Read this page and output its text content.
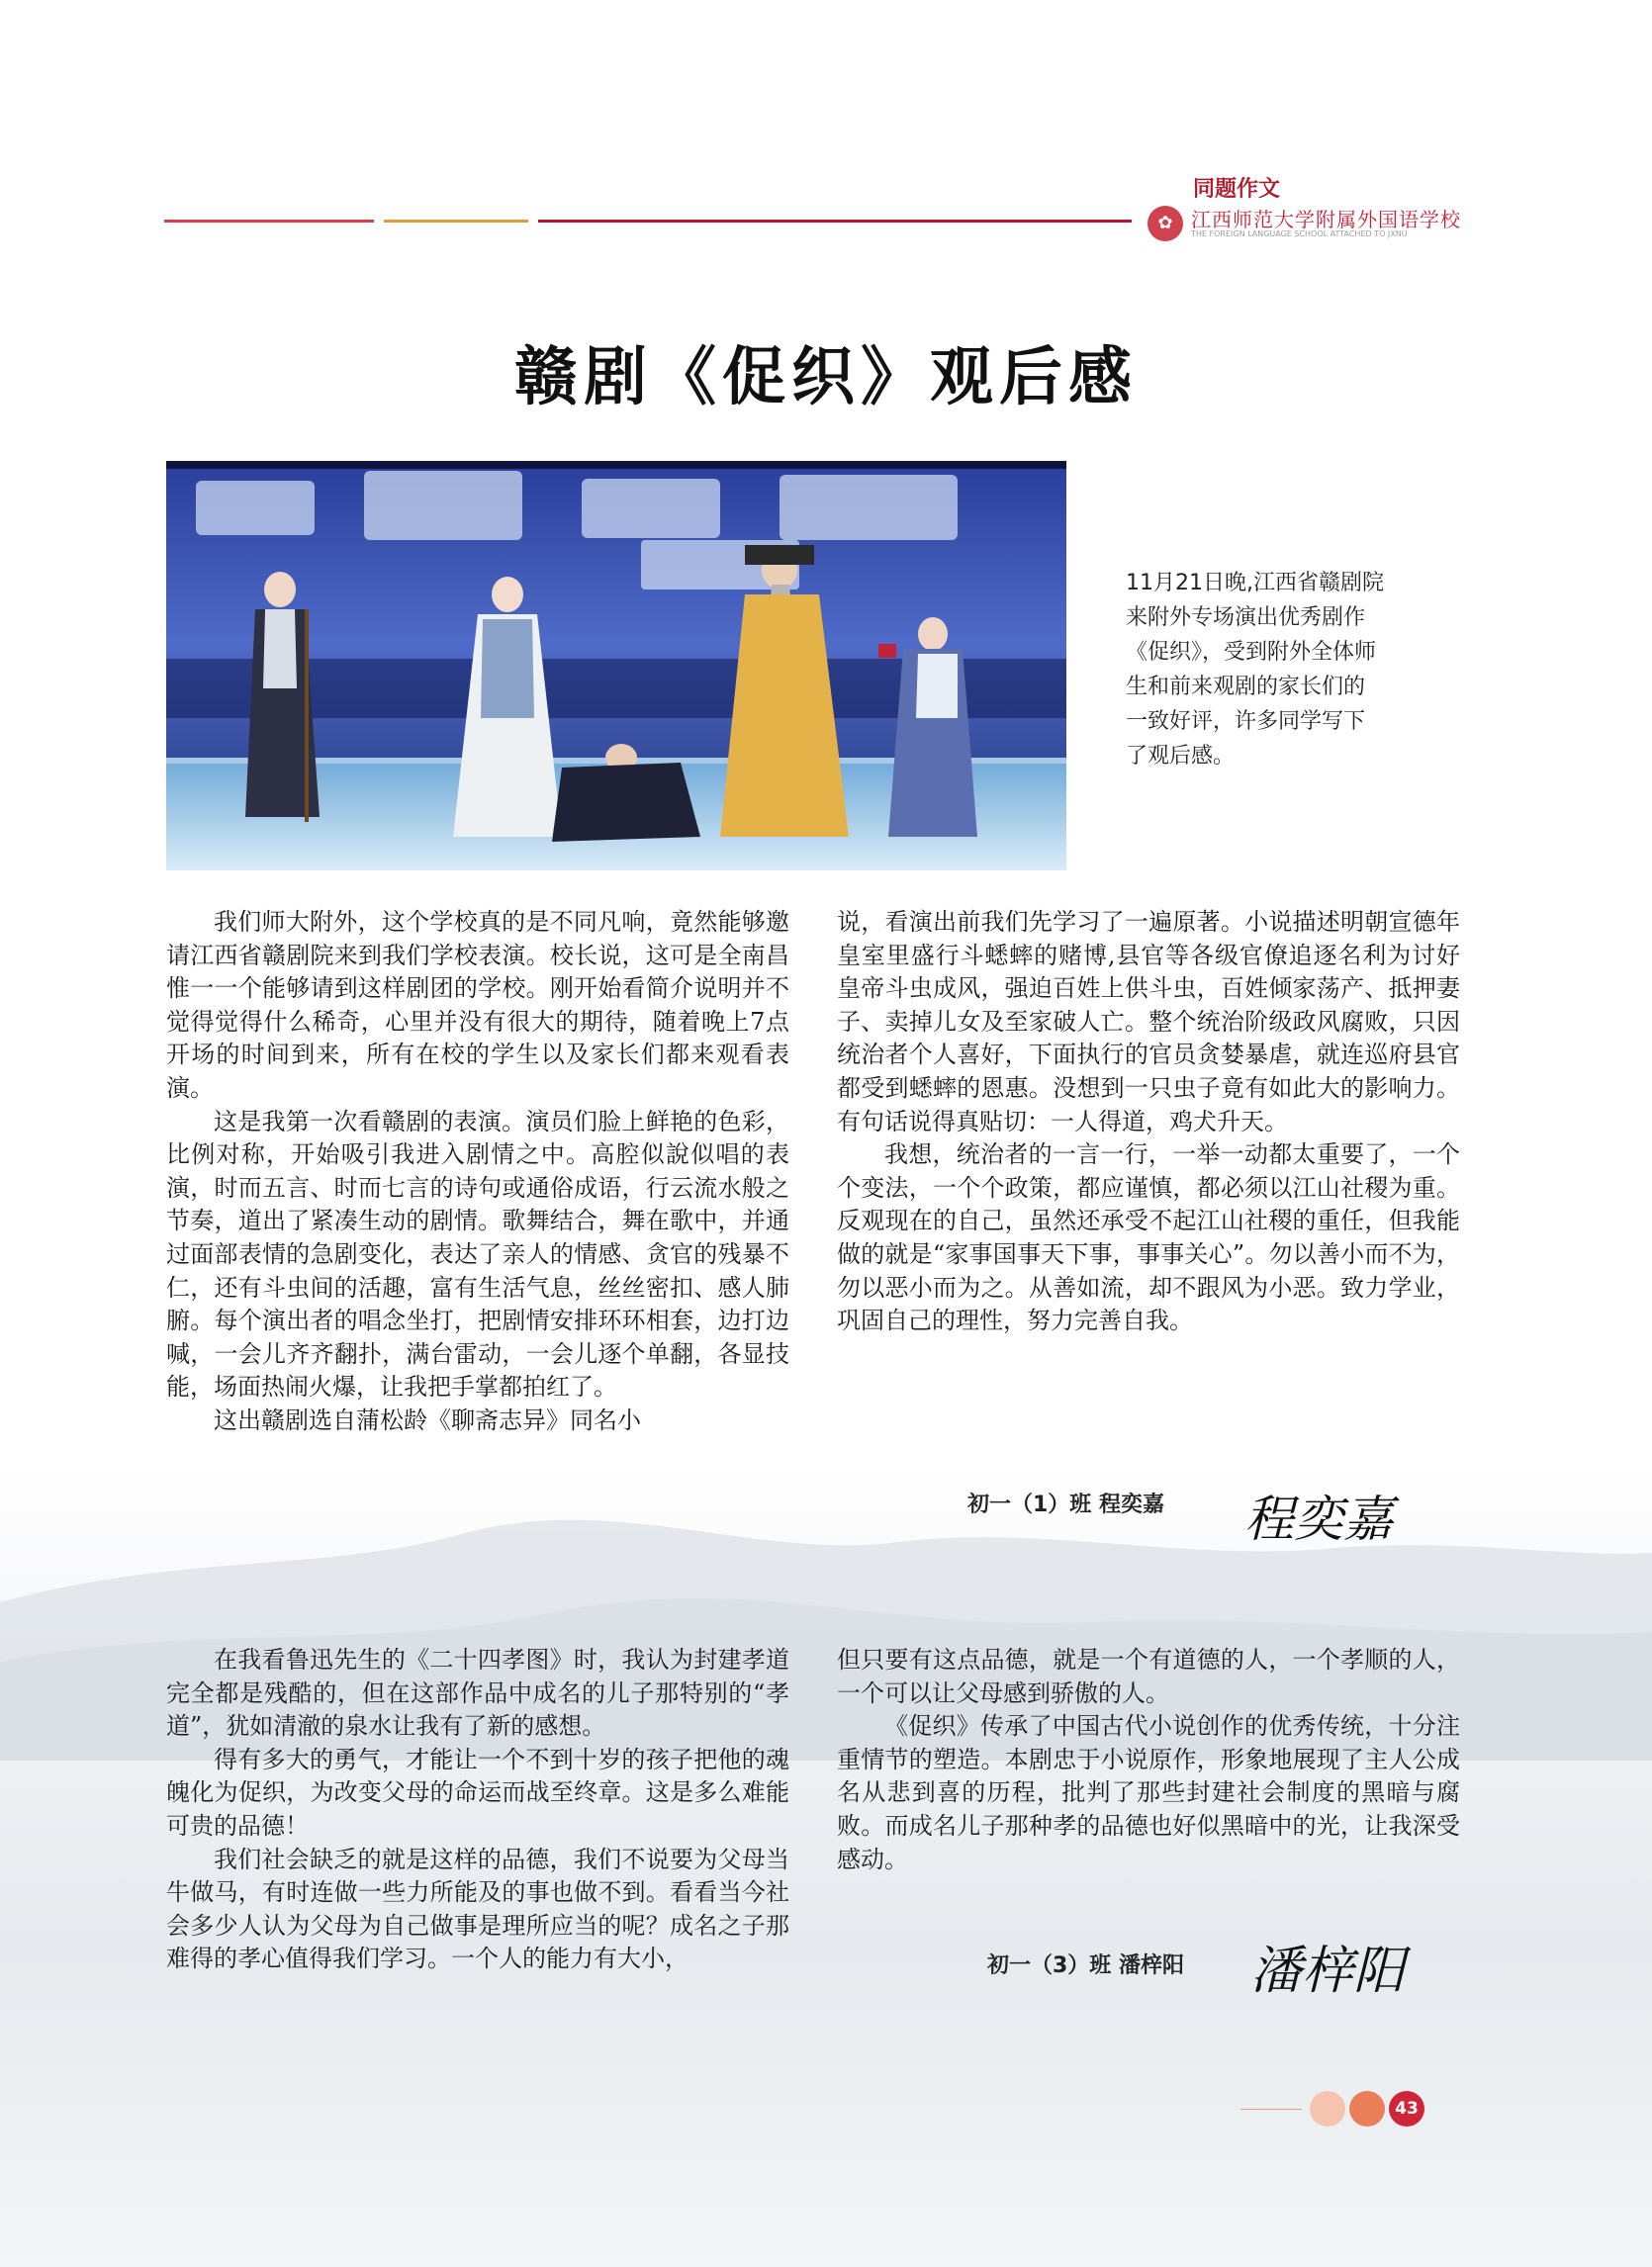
同题作文
✿ 江西师范大学附属外国语学校
THE FOREIGN LANGUAGE SCHOOL ATTACHED TO JXNU
赣剧《促织》观后感
11月21日晚,江西省赣剧院来附外专场演出优秀剧作《促织》，受到附外全体师生和前来观剧的家长们的一致好评，许多同学写下了观后感。

我们师大附外，这个学校真的是不同凡响，竟然能够邀请江西省赣剧院来到我们学校表演。校长说，这可是全南昌惟一一个能够请到这样剧团的学校。刚开始看简介说明并不觉得觉得什么稀奇，心里并没有很大的期待，随着晚上7点开场的时间到来，所有在校的学生以及家长们都来观看表演。

这是我第一次看赣剧的表演。演员们脸上鲜艳的色彩，比例对称，开始吸引我进入剧情之中。高腔似說似唱的表演，时而五言、时而七言的诗句或通俗成语，行云流水般之节奏，道出了紧凑生动的剧情。歌舞结合，舞在歌中，并通过面部表情的急剧变化，表达了亲人的情感、贪官的残暴不仁，还有斗虫间的活趣，富有生活气息，丝丝密扣、感人肺腑。每个演出者的唱念坐打，把剧情安排环环相套，边打边喊，一会儿齐齐翻扑，满台雷动，一会儿逐个单翻，各显技能，场面热闹火爆，让我把手掌都拍红了。

这出赣剧选自蒲松龄《聊斋志异》同名小

说，看演出前我们先学习了一遍原著。小说描述明朝宣德年皇室里盛行斗蟋蟀的赌博,县官等各级官僚追逐名利为讨好皇帝斗虫成风，强迫百姓上供斗虫，百姓倾家荡产、抵押妻子、卖掉儿女及至家破人亡。整个统治阶级政风腐败，只因统治者个人喜好，下面执行的官员贪婪暴虐，就连巡府县官都受到蟋蟀的恩惠。没想到一只虫子竟有如此大的影响力。有句话说得真贴切：一人得道，鸡犬升天。

我想，统治者的一言一行，一举一动都太重要了，一个个变法，一个个政策，都应谨慎，都必须以江山社稷为重。反观现在的自己，虽然还承受不起江山社稷的重任，但我能做的就是“家事国事天下事，事事关心”。勿以善小而不为，勿以恶小而为之。从善如流，却不跟风为小恶。致力学业，巩固自己的理性，努力完善自我。

初一（1）班 程奕嘉 程奕嘉

在我看鲁迅先生的《二十四孝图》时，我认为封建孝道完全都是残酷的，但在这部作品中成名的儿子那特别的“孝道”，犹如清澈的泉水让我有了新的感想。

得有多大的勇气，才能让一个不到十岁的孩子把他的魂魄化为促织，为改变父母的命运而战至终章。这是多么难能可贵的品德！

我们社会缺乏的就是这样的品德，我们不说要为父母当牛做马，有时连做一些力所能及的事也做不到。看看当今社会多少人认为父母为自己做事是理所应当的呢？成名之子那难得的孝心值得我们学习。一个人的能力有大小，

但只要有这点品德，就是一个有道德的人，一个孝顺的人，一个可以让父母感到骄傲的人。

《促织》传承了中国古代小说创作的优秀传统，十分注重情节的塑造。本剧忠于小说原作，形象地展现了主人公成名从悲到喜的历程，批判了那些封建社会制度的黑暗与腐败。而成名儿子那种孝的品德也好似黑暗中的光，让我深受感动。

初一（3）班 潘梓阳 潘梓阳
43
